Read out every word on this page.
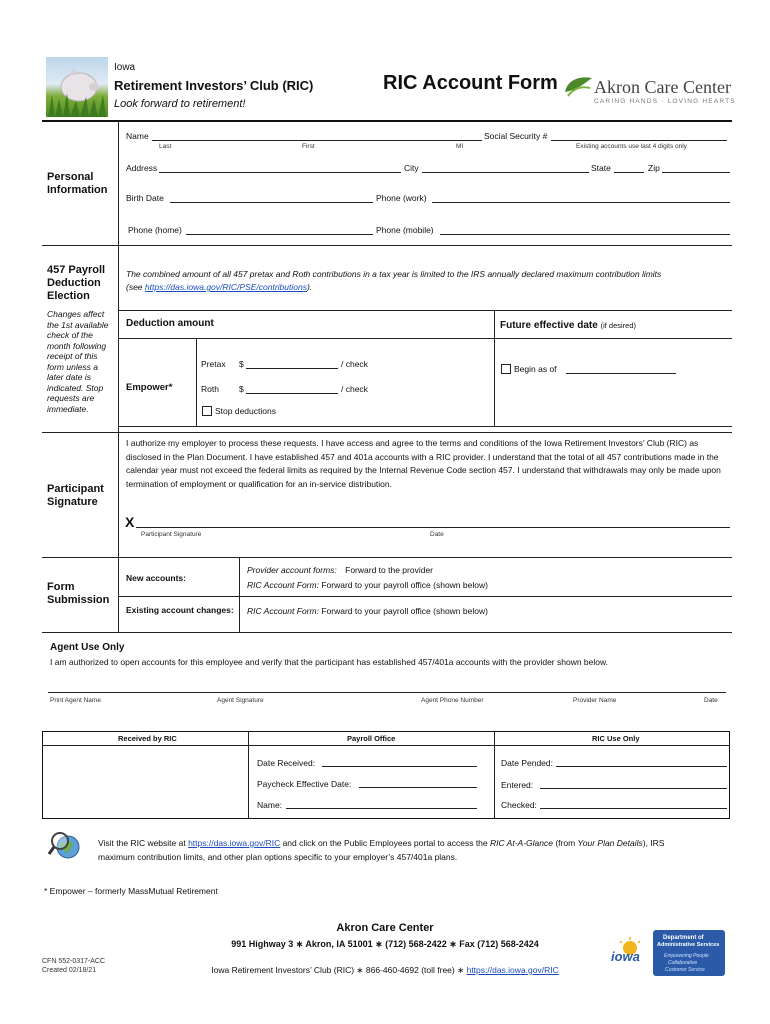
Iowa
Retirement Investors’ Club (RIC)
Look forward to retirement!
RIC Account Form Akron Care Center
CARING HANDS · LOVING HEARTS
Personal
Information
Name
Last	First	MI
Social Security #
Existing accounts use last 4 digits only
Address	City	State	Zip
Birth Date	Phone (work)
Phone (home)	Phone (mobile)
457 Payroll
Deduction
Election
Changes affect
the 1st available
check of the
month following
receipt of this
form unless a
later date is
indicated. Stop
requests are
immediate.
The combined amount of all 457 pretax and Roth contributions in a tax year is limited to the IRS annually declared maximum contribution limits
(see https://das.iowa.gov/RIC/PSE/contributions).
Deduction amount	Future effective date (if desired)
Empower*
Pretax $	/ check
Roth $	/ check
Stop deductions
Begin as of
Participant
Signature
I authorize my employer to process these requests. I have access and agree to the terms and conditions of the Iowa Retirement Investors’ Club (RIC) as disclosed in the Plan Document. I have established 457 and 401a accounts with a RIC provider. I understand that the total of all 457 contributions made in the calendar year must not exceed the federal limits as required by the Internal Revenue Code section 457. I understand that withdrawals may only be made upon termination of employment or qualification for an in-service distribution.
X
Participant Signature	Date
Form
Submission
New accounts:
Provider account forms: Forward to the provider
RIC Account Form: Forward to your payroll office (shown below)
Existing account changes: RIC Account Form: Forward to your payroll office (shown below)
Agent Use Only
I am authorized to open accounts for this employee and verify that the participant has established 457/401a accounts with the provider shown below.
Print Agent Name	Agent Signature	Agent Phone Number	Provider Name	Date
Received by RIC	Payroll Office	RIC Use Only
Date Received:
Paycheck Effective Date:
Name:
Date Pended:
Entered:
Checked:
Visit the RIC website at https://das.iowa.gov/RIC and click on the Public Employees portal to access the RIC At-A-Glance (from Your Plan Details), IRS
maximum contribution limits, and other plan options specific to your employer’s 457/401a plans.
* Empower – formerly MassMutual Retirement
Akron Care Center
991 Highway 3 ∗ Akron, IA 51001 ∗ (712) 568-2422 ∗ Fax (712) 568-2424
Iowa Retirement Investors’ Club (RIC) ∗ 866-460-4692 (toll free) ∗ https://das.iowa.gov/RIC
CFN 552-0317-ACC
Created 02/18/21
iowa
Department of
Administrative Services
Empowering People
Collaborative
Customer Service
